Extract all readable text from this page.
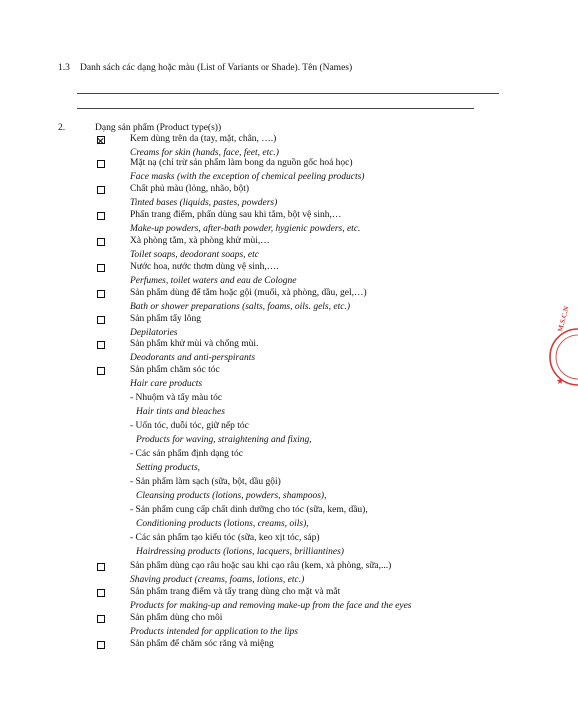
1.3 Danh sách các dạng hoặc màu (List of Variants or Shade). Tên (Names)
2.	Dạng sản phẩm (Product type(s))
Kem dùng trên da (tay, mặt, chân, ….)
Creams for skin (hands, face, feet, etc.)
Mặt nạ (chỉ trừ sản phẩm làm bong da nguồn gốc hoá học)
Face masks (with the exception of chemical peeling products)
Chất phủ màu (lỏng, nhão, bột)
Tinted bases (liquids, pastes, powders)
Phấn trang điểm, phấn dùng sau khi tắm, bột vệ sinh,…
Make-up powders, after-bath powder, hygienic powders, etc.
Xà phòng tắm, xà phòng khử mùi,…
Toilet soaps, deodorant soaps, etc
Nước hoa, nước thơm dùng vệ sinh,….
Perfumes, toilet waters and eau de Cologne
Sản phẩm dùng để tắm hoặc gội (muối, xà phòng, dầu, gel,…)
Bath or shower preparations (salts, foams, oils. gels, etc.)
Sản phẩm tẩy lông
Depilatories
Sản phẩm khử mùi và chống mùi.
Deodorants and anti-perspirants
Sản phẩm chăm sóc tóc
Hair care products
- Nhuộm và tẩy màu tóc
Hair tints and bleaches
- Uốn tóc, duỗi tóc, giữ nếp tóc
Products for waving, straightening and fixing,
- Các sản phẩm định dạng tóc
Setting products,
- Sản phẩm làm sạch (sữa, bột, dầu gội)
Cleansing products (lotions, powders, shampoos),
- Sản phẩm cung cấp chất dinh dưỡng cho tóc (sữa, kem, dầu),
Conditioning products (lotions, creams, oils),
- Các sản phẩm tạo kiểu tóc (sữa, keo xịt tóc, sáp)
Hairdressing products (lotions, lacquers, brilliantines)
Sản phẩm dùng cạo râu hoặc sau khi cạo râu (kem, xà phòng, sữa,...)
Shaving product (creams, foams, lotions, etc.)
Sản phẩm trang điểm và tẩy trang dùng cho mặt và mắt
Products for making-up and removing make-up from the face and the eyes
Sản phẩm dùng cho môi
Products intended for application to the lips
Sản phẩm để chăm sóc răng và miệng
M.S.C.N
★
